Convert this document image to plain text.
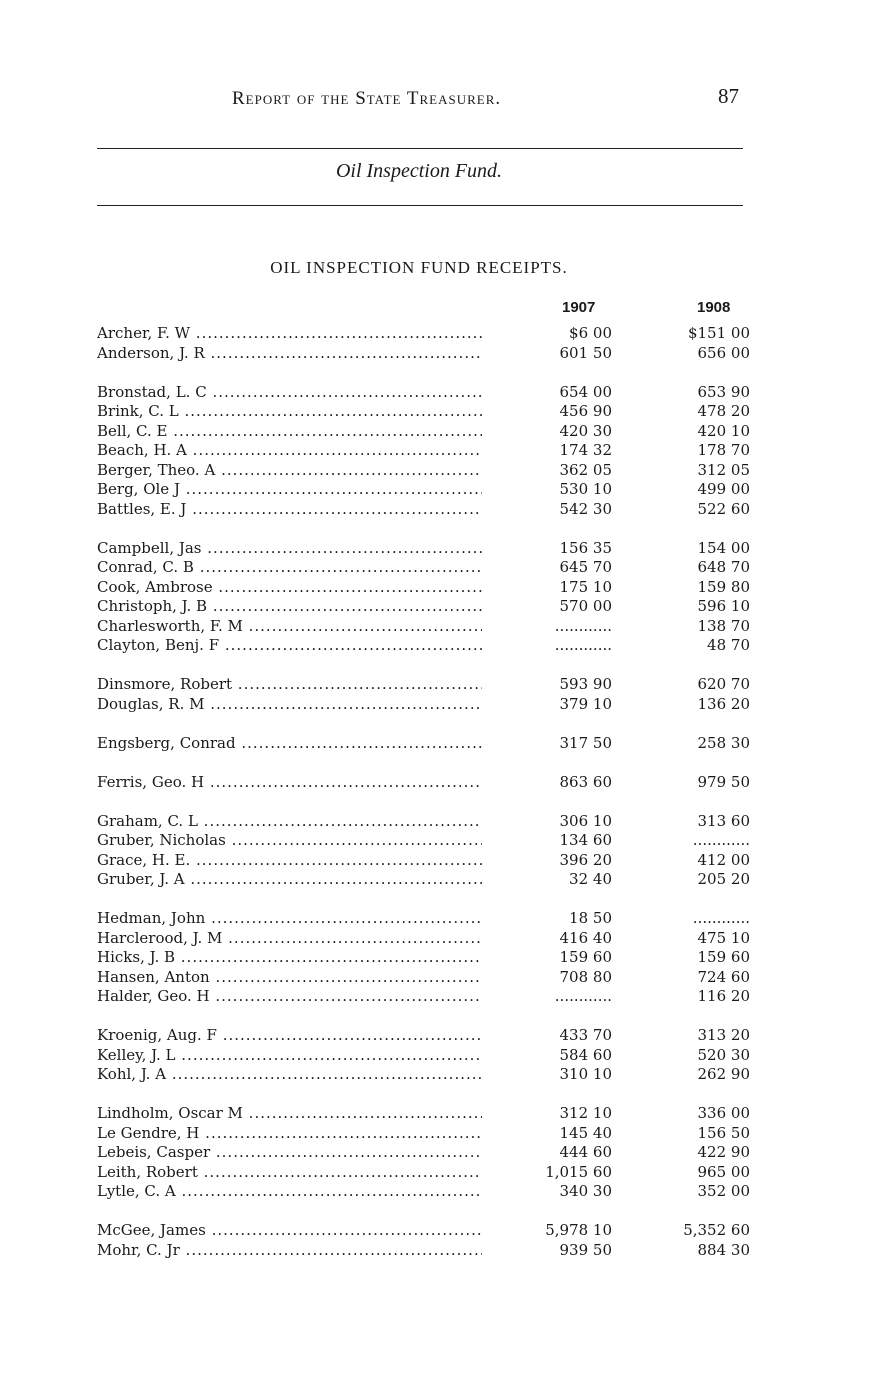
Report of the State Treasurer.	87
Oil Inspection Fund.
OIL INSPECTION FUND RECEIPTS.
1907	1908
Archer, F. W .....	$6 00	$151 00
Anderson, J. R .....	601 50	656 00
Bronstad, L. C .....	654 00	653 90
Brink, C. L .....	456 90	478 20
Bell, C. E .....	420 30	420 10
Beach, H. A .....	174 32	178 70
Berger, Theo. A .....	362 05	312 05
Berg, Ole J .....	530 10	499 00
Battles, E. J .....	542 30	522 60
Campbell, Jas .....	156 35	154 00
Conrad, C. B .....	645 70	648 70
Cook, Ambrose .....	175 10	159 80
Christoph, J. B .....	570 00	596 10
Charlesworth, F. M .....	............	138 70
Clayton, Benj. F .....	............	48 70
Dinsmore, Robert .....	593 90	620 70
Douglas, R. M .....	379 10	136 20
Engsberg, Conrad .....	317 50	258 30
Ferris, Geo. H .....	863 60	979 50
Graham, C. L .....	306 10	313 60
Gruber, Nicholas .....	134 60	............
Grace, H. E. .....	396 20	412 00
Gruber, J. A .....	32 40	205 20
Hedman, John .....	18 50	............
Harclerood, J. M .....	416 40	475 10
Hicks, J. B .....	159 60	159 60
Hansen, Anton .....	708 80	724 60
Halder, Geo. H .....	............	116 20
Kroenig, Aug. F .....	433 70	313 20
Kelley, J. L .....	584 60	520 30
Kohl, J. A .....	310 10	262 90
Lindholm, Oscar M .....	312 10	336 00
Le Gendre, H .....	145 40	156 50
Lebeis, Casper .....	444 60	422 90
Leith, Robert .....	1,015 60	965 00
Lytle, C. A .....	340 30	352 00
McGee, James .....	5,978 10	5,352 60
Mohr, C. Jr .....	939 50	884 30
